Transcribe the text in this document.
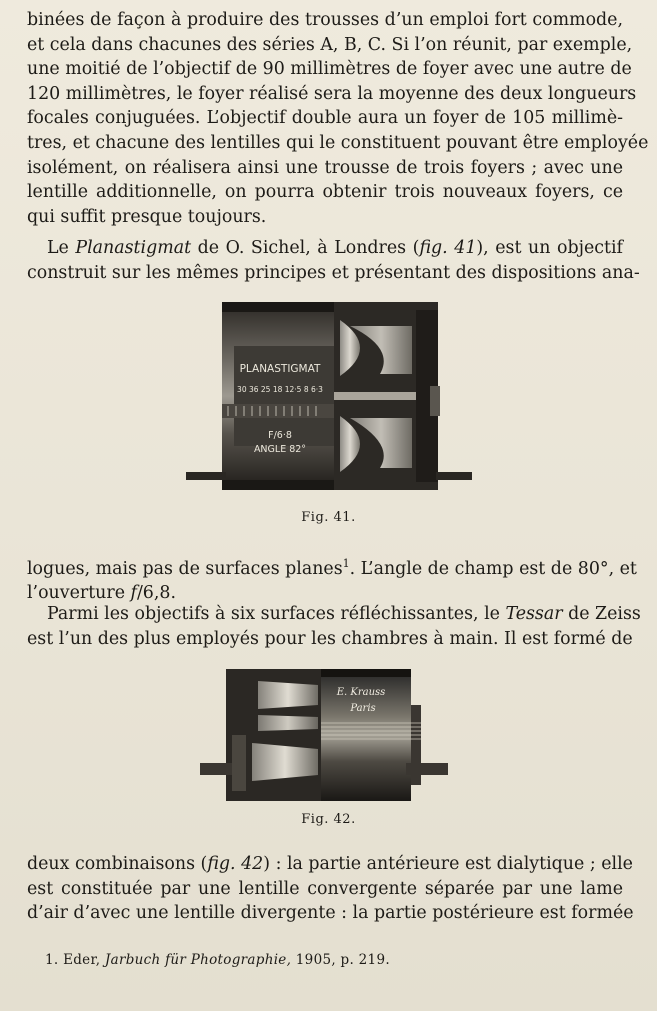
binées de façon à produire des trousses d’un emploi fort commode,
et cela dans chacunes des séries A, B, C. Si l’on réunit, par exemple,
une moitié de l’objectif de 90 millimètres de foyer avec une autre de
120 millimètres, le foyer réalisé sera la moyenne des deux longueurs
focales conjuguées. L’objectif double aura un foyer de 105 millimè-
tres, et chacune des lentilles qui le constituent pouvant être employée
isolément, on réalisera ainsi une trousse de trois foyers ; avec une
lentille additionnelle, on pourra obtenir trois nouveaux foyers, ce
qui suffit presque toujours.
Le Planastigmat de O. Sichel, à Londres (fig. 41), est un objectif
construit sur les mêmes principes et présentant des dispositions ana-
PLANASTIGMAT
30 36 25 18 12·5 8 6·3
F/6·8
ANGLE 82°
Fig. 41.
logues, mais pas de surfaces planes$^1$. L’angle de champ est de 80°, et
l’ouverture f/6,8.
Parmi les objectifs à six surfaces réfléchissantes, le Tessar de Zeiss
est l’un des plus employés pour les chambres à main. Il est formé de
E. Krauss
Paris
Fig. 42.
deux combinaisons (fig. 42) : la partie antérieure est dialytique ; elle
est constituée par une lentille convergente séparée par une lame
d’air d’avec une lentille divergente : la partie postérieure est formée
1. Eder, Jarbuch für Photographie, 1905, p. 219.
